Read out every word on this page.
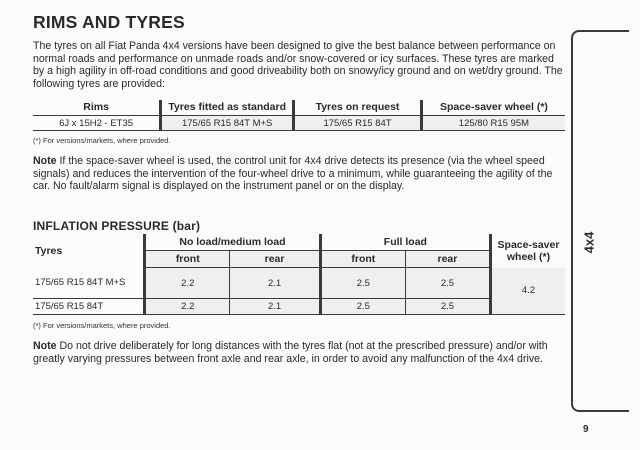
RIMS AND TYRES
The tyres on all Fiat Panda 4x4 versions have been designed to give the best balance between performance on normal roads and performance on unmade roads and/or snow-covered or icy surfaces. These tyres are marked by a high agility in off-road conditions and good driveability both on snowy/icy ground and on wet/dry ground. The following tyres are provided:
Rims	Tyres fitted as standard	Tyres on request	Space-saver wheel (*)
6J x 15H2 - ET35	175/65 R15 84T M+S	175/65 R15 84T	125/80 R15 95M
(*) For versions/markets, where provided.
Note If the space-saver wheel is used, the control unit for 4x4 drive detects its presence (via the wheel speed signals) and reduces the intervention of the four-wheel drive to a minimum, while guaranteeing the agility of the car. No fault/alarm signal is displayed on the instrument panel or on the display.
INFLATION PRESSURE (bar)
Tyres	No load/medium load		Full load		Space-saver wheel (*)
	front	rear	front	rear	
175/65 R15 84T M+S	2.2	2.1	2.5	2.5	4.2
175/65 R15 84T	2.2	2.1	2.5	2.5	
(*) For versions/markets, where provided.
Note Do not drive deliberately for long distances with the tyres flat (not at the prescribed pressure) and/or with greatly varying pressures between front axle and rear axle, in order to avoid any malfunction of the 4x4 drive.
4x4
9
